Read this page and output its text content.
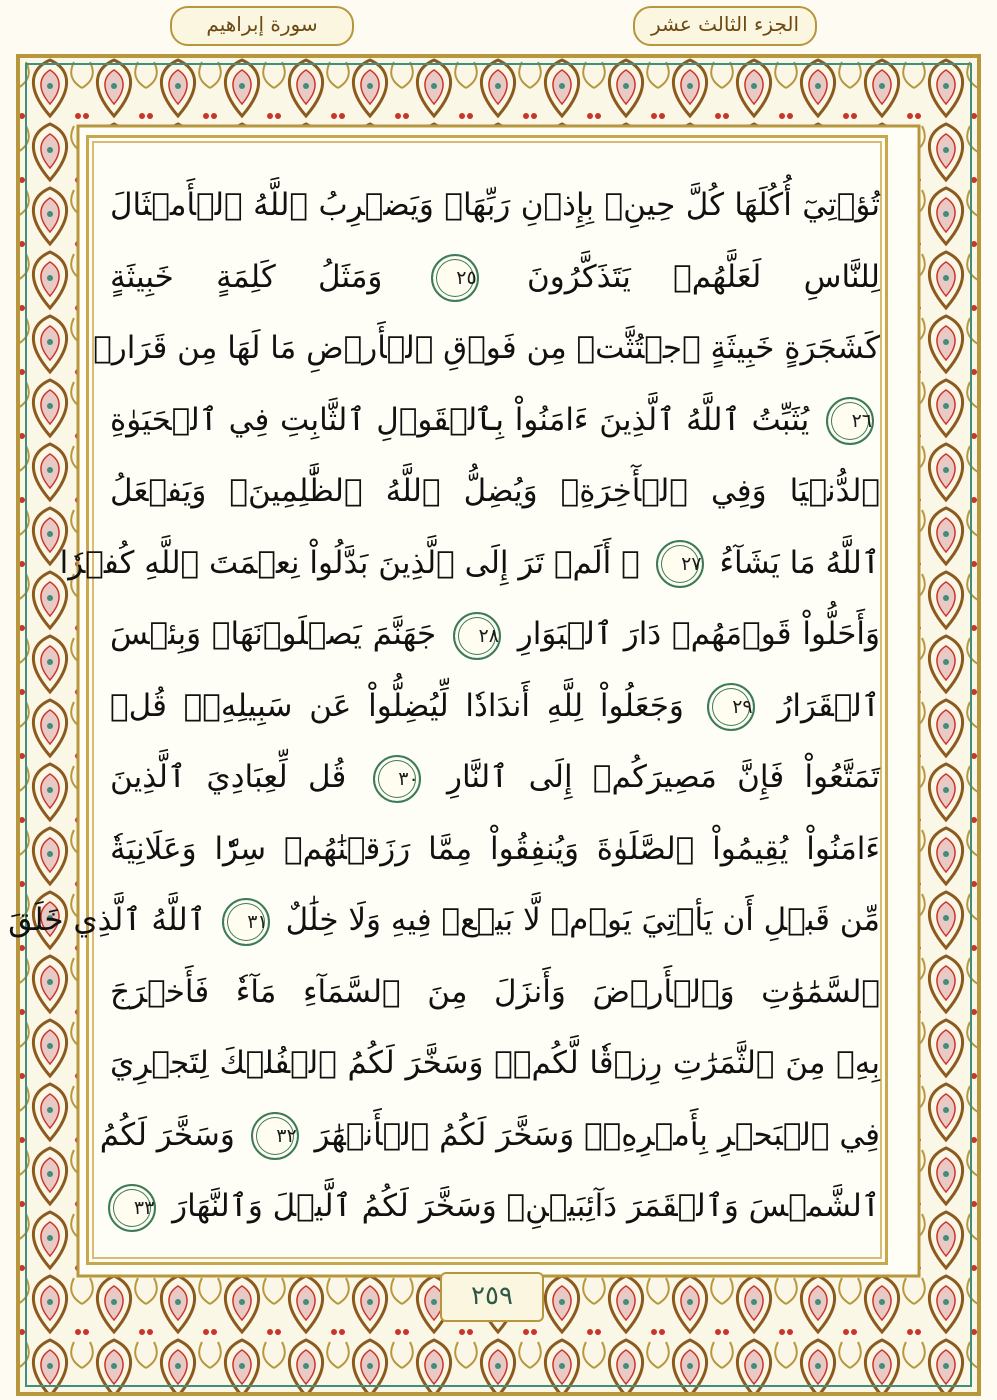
الجزء الثالث عشر
سورة إبراهيم
تُؤۡتِيٓ أُكُلَهَا كُلَّ حِينِۭ بِإِذۡنِ رَبِّهَاۗ وَيَضۡرِبُ ٱللَّهُ ٱلۡأَمۡثَالَ
لِلنَّاسِ لَعَلَّهُمۡ يَتَذَكَّرُونَ ٢٥ وَمَثَلُ كَلِمَةٍ خَبِيثَةٍ
كَشَجَرَةٍ خَبِيثَةٍ ٱجۡتُثَّتۡ مِن فَوۡقِ ٱلۡأَرۡضِ مَا لَهَا مِن قَرَارٖ
٢٦ يُثَبِّتُ ٱللَّهُ ٱلَّذِينَ ءَامَنُواْ بِٱلۡقَوۡلِ ٱلثَّابِتِ فِي ٱلۡحَيَوٰةِ
ٱلدُّنۡيَا وَفِي ٱلۡأٓخِرَةِۖ وَيُضِلُّ ٱللَّهُ ٱلظَّٰلِمِينَۚ وَيَفۡعَلُ
ٱللَّهُ مَا يَشَآءُ ٢٧ ۞ أَلَمۡ تَرَ إِلَى ٱلَّذِينَ بَدَّلُواْ نِعۡمَتَ ٱللَّهِ كُفۡرٗا
وَأَحَلُّواْ قَوۡمَهُمۡ دَارَ ٱلۡبَوَارِ ٢٨ جَهَنَّمَ يَصۡلَوۡنَهَاۖ وَبِئۡسَ
ٱلۡقَرَارُ ٢٩ وَجَعَلُواْ لِلَّهِ أَندَادٗا لِّيُضِلُّواْ عَن سَبِيلِهِۦۗ قُلۡ
تَمَتَّعُواْ فَإِنَّ مَصِيرَكُمۡ إِلَى ٱلنَّارِ ٣٠ قُل لِّعِبَادِيَ ٱلَّذِينَ
ءَامَنُواْ يُقِيمُواْ ٱلصَّلَوٰةَ وَيُنفِقُواْ مِمَّا رَزَقۡنَٰهُمۡ سِرّٗا وَعَلَانِيَةٗ
مِّن قَبۡلِ أَن يَأۡتِيَ يَوۡمٞ لَّا بَيۡعٞ فِيهِ وَلَا خِلَٰلٌ ٣١ ٱللَّهُ ٱلَّذِي خَلَقَ
ٱلسَّمَٰوَٰتِ وَٱلۡأَرۡضَ وَأَنزَلَ مِنَ ٱلسَّمَآءِ مَآءٗ فَأَخۡرَجَ
بِهِۦ مِنَ ٱلثَّمَرَٰتِ رِزۡقٗا لَّكُمۡۖ وَسَخَّرَ لَكُمُ ٱلۡفُلۡكَ لِتَجۡرِيَ
فِي ٱلۡبَحۡرِ بِأَمۡرِهِۦۖ وَسَخَّرَ لَكُمُ ٱلۡأَنۡهَٰرَ ٣٢ وَسَخَّرَ لَكُمُ
ٱلشَّمۡسَ وَٱلۡقَمَرَ دَآئِبَيۡنِۖ وَسَخَّرَ لَكُمُ ٱلَّيۡلَ وَٱلنَّهَارَ ٣٣
٢٥٩
